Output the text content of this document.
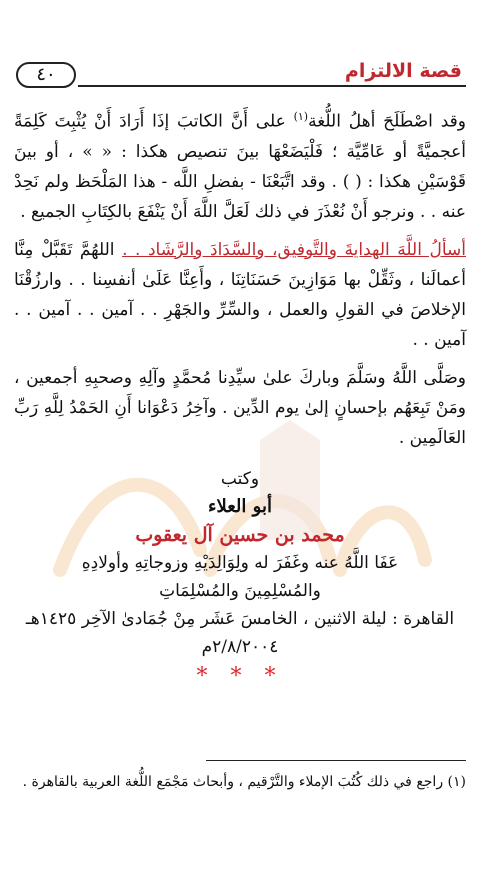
٤٠	قصة الالتزام

وقد اصْطَلَحَ أهلُ اللُّغة$^{(١)}$ على أَنَّ الكاتبَ إذَا أَرَادَ أَنْ يُثْبِتَ كَلِمَةً أعجميَّةً أو عَامِّيَّة ؛ فَلْيَضَعْهَا بينَ تنصيص هكذا : « » ، أو بينَ قَوْسَيْنِ هكذا : ( ) . وقد اتَّبَعْنَا - بفضلِ اللَّه - هذا المَلْحَظ ولم نَحِدْ عنه . . ونرجو أَنْ نُعْذَرَ في ذلك لَعَلَّ اللَّهَ أَنْ يَنْفَعَ بالكِتَابِ الجميع .

أسألُ اللَّهَ الهدايةَ والتَّوفيق، والسَّدَادَ والرَّشَاد . . اللهُمَّ تَقَبَّلْ مِنَّا أعمالَنا ، وثَقِّلْ بها مَوَازِينَ حَسَنَاتِنَا ، وأَعِنَّا عَلَىٰ أنفسِنا . . وارزُقْنَا الإخلاصَ في القولِ والعمل ، والسِّرِّ والجَهْرِ . . آمين . . آمين . . آمين . .

وصَلَّى اللَّهُ وسَلَّمَ وباركَ علىٰ سيِّدِنا مُحمَّدٍ وآلِهِ وصحبِهِ أجمعين ، ومَنْ تَبِعَهُم بإحسانٍ إلىٰ يوم الدِّين . وآخِرُ دَعْوَانا أَنِ الحَمْدُ لِلَّهِ رَبِّ العَالَمِين .

وكتب
أبو العلاء
محمد بن حسين آل يعقوب
عَفَا اللَّهُ عنه وغَفَرَ له ولِوَالِدَيْهِ وزوجاتِهِ وأولادِهِ
والمُسْلِمِينَ والمُسْلِمَاتِ
القاهرة : ليلة الاثنين ، الخامسَ عَشَر مِنْ جُمَادىٰ الآخِر ١٤٢٥هـ
٢/٨/٢٠٠٤م
* * *
(١) راجع في ذلك كُتُبَ الإملاء والتَّرْقيم ، وأبحاث مَجْمَع اللُّغة العربية بالقاهرة .
